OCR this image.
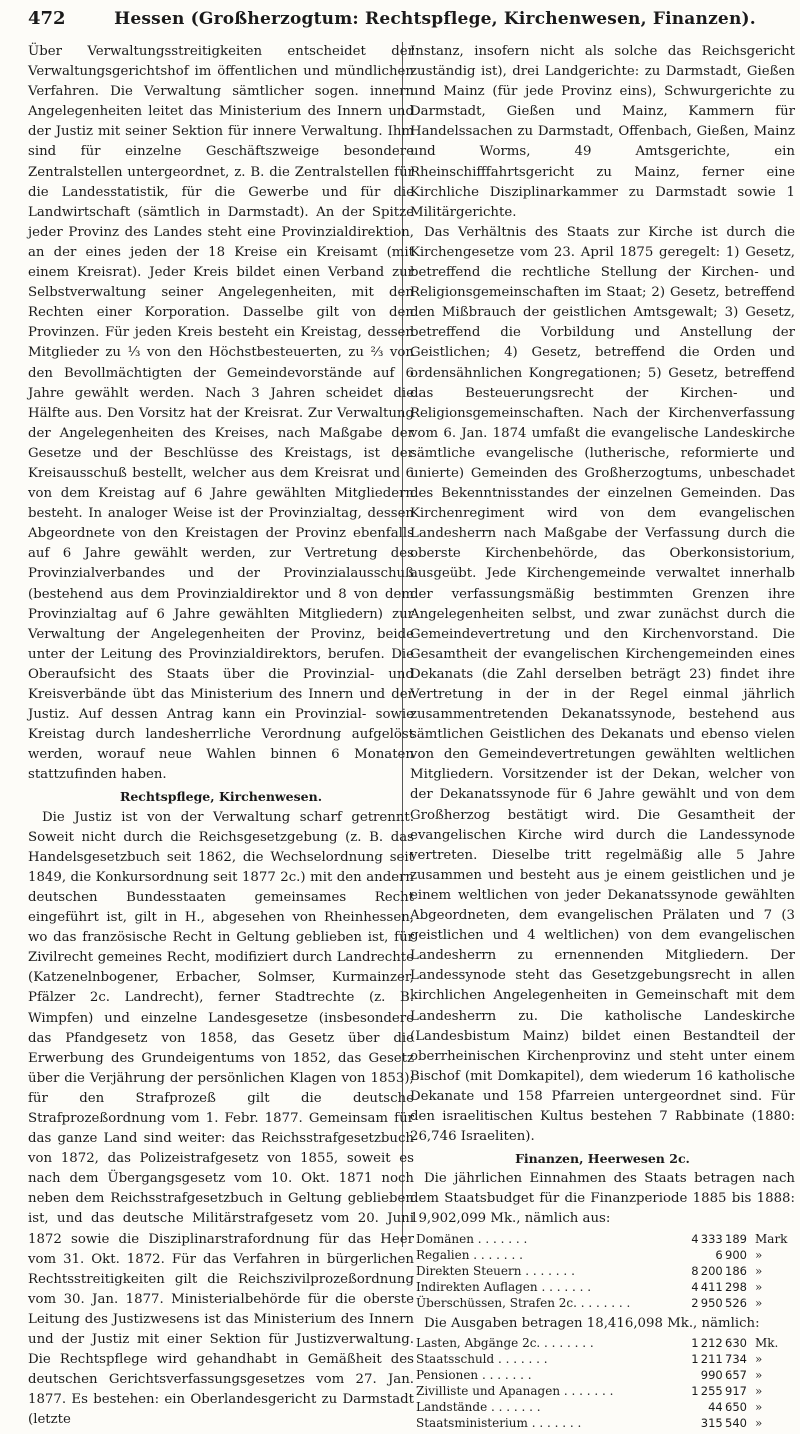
472	Hessen (Großherzogtum: Rechtspflege, Kirchenwesen, Finanzen).

Über Verwaltungsstreitigkeiten entscheidet der Verwaltungsgerichtshof im öffentlichen und mündlichen Verfahren. Die Verwaltung sämtlicher sogen. innern Angelegenheiten leitet das Ministerium des Innern und der Justiz mit seiner Sektion für innere Verwaltung. Ihm sind für einzelne Geschäftszweige besondere Zentralstellen untergeordnet, z. B. die Zentralstellen für die Landesstatistik, für die Gewerbe und für die Landwirtschaft (sämtlich in Darmstadt). An der Spitze jeder Provinz des Landes steht eine Provinzialdirektion, an der eines jeden der 18 Kreise ein Kreisamt (mit einem Kreisrat). Jeder Kreis bildet einen Verband zur Selbstverwaltung seiner Angelegenheiten, mit den Rechten einer Korporation. Dasselbe gilt von den Provinzen. Für jeden Kreis besteht ein Kreistag, dessen Mitglieder zu ⅓ von den Höchstbesteuerten, zu ⅔ von den Bevollmächtigten der Gemeindevorstände auf 6 Jahre gewählt werden. Nach 3 Jahren scheidet die Hälfte aus. Den Vorsitz hat der Kreisrat. Zur Verwaltung der Angelegenheiten des Kreises, nach Maßgabe der Gesetze und der Beschlüsse des Kreistags, ist der Kreisausschuß bestellt, welcher aus dem Kreisrat und 6 von dem Kreistag auf 6 Jahre gewählten Mitgliedern besteht. In analoger Weise ist der Provinzialtag, dessen Abgeordnete von den Kreistagen der Provinz ebenfalls auf 6 Jahre gewählt werden, zur Vertretung des Provinzialverbandes und der Provinzialausschuß (bestehend aus dem Provinzialdirektor und 8 von dem Provinzialtag auf 6 Jahre gewählten Mitgliedern) zur Verwaltung der Angelegenheiten der Provinz, beide unter der Leitung des Provinzialdirektors, berufen. Die Oberaufsicht des Staats über die Provinzial- und Kreisverbände übt das Ministerium des Innern und der Justiz. Auf dessen Antrag kann ein Provinzial- sowie Kreistag durch landesherrliche Verordnung aufgelöst werden, worauf neue Wahlen binnen 6 Monaten stattzufinden haben.

Rechtspflege, Kirchenwesen.

Die Justiz ist von der Verwaltung scharf getrennt. Soweit nicht durch die Reichsgesetzgebung (z. B. das Handelsgesetzbuch seit 1862, die Wechselordnung seit 1849, die Konkursordnung seit 1877 2c.) mit den andern deutschen Bundesstaaten gemeinsames Recht eingeführt ist, gilt in H., abgesehen von Rheinhessen, wo das französische Recht in Geltung geblieben ist, für Zivilrecht gemeines Recht, modifiziert durch Landrechte (Katzenelnbogener, Erbacher, Solmser, Kurmainzer, Pfälzer 2c. Landrecht), ferner Stadtrechte (z. B. Wimpfen) und einzelne Landesgesetze (insbesondere das Pfandgesetz von 1858, das Gesetz über die Erwerbung des Grundeigentums von 1852, das Gesetz über die Verjährung der persönlichen Klagen von 1853); für den Strafprozeß gilt die deutsche Strafprozeßordnung vom 1. Febr. 1877. Gemeinsam für das ganze Land sind weiter: das Reichsstrafgesetzbuch von 1872, das Polizeistrafgesetz von 1855, soweit es nach dem Übergangsgesetz vom 10. Okt. 1871 noch neben dem Reichsstrafgesetzbuch in Geltung geblieben ist, und das deutsche Militärstrafgesetz vom 20. Juni 1872 sowie die Disziplinarstrafordnung für das Heer vom 31. Okt. 1872. Für das Verfahren in bürgerlichen Rechtsstreitigkeiten gilt die Reichszivilprozeßordnung vom 30. Jan. 1877. Ministerialbehörde für die oberste Leitung des Justizwesens ist das Ministerium des Innern und der Justiz mit einer Sektion für Justizverwaltung. Die Rechtspflege wird gehandhabt in Gemäßheit des deutschen Gerichtsverfassungsgesetzes vom 27. Jan. 1877. Es bestehen: ein Oberlandesgericht zu Darmstadt (letzte

Instanz, insofern nicht als solche das Reichsgericht zuständig ist), drei Landgerichte: zu Darmstadt, Gießen und Mainz (für jede Provinz eins), Schwurgerichte zu Darmstadt, Gießen und Mainz, Kammern für Handelssachen zu Darmstadt, Offenbach, Gießen, Mainz und Worms, 49 Amtsgerichte, ein Rheinschifffahrtsgericht zu Mainz, ferner eine Kirchliche Disziplinarkammer zu Darmstadt sowie 1 Militärgerichte.

Das Verhältnis des Staats zur Kirche ist durch die Kirchengesetze vom 23. April 1875 geregelt: 1) Gesetz, betreffend die rechtliche Stellung der Kirchen- und Religionsgemeinschaften im Staat; 2) Gesetz, betreffend den Mißbrauch der geistlichen Amtsgewalt; 3) Gesetz, betreffend die Vorbildung und Anstellung der Geistlichen; 4) Gesetz, betreffend die Orden und ordensähnlichen Kongregationen; 5) Gesetz, betreffend das Besteuerungsrecht der Kirchen- und Religionsgemeinschaften. Nach der Kirchenverfassung vom 6. Jan. 1874 umfaßt die evangelische Landeskirche sämtliche evangelische (lutherische, reformierte und unierte) Gemeinden des Großherzogtums, unbeschadet des Bekenntnisstandes der einzelnen Gemeinden. Das Kirchenregiment wird von dem evangelischen Landesherrn nach Maßgabe der Verfassung durch die oberste Kirchenbehörde, das Oberkonsistorium, ausgeübt. Jede Kirchengemeinde verwaltet innerhalb der verfassungsmäßig bestimmten Grenzen ihre Angelegenheiten selbst, und zwar zunächst durch die Gemeindevertretung und den Kirchenvorstand. Die Gesamtheit der evangelischen Kirchengemeinden eines Dekanats (die Zahl derselben beträgt 23) findet ihre Vertretung in der in der Regel einmal jährlich zusammentretenden Dekanatssynode, bestehend aus sämtlichen Geistlichen des Dekanats und ebenso vielen von den Gemeindevertretungen gewählten weltlichen Mitgliedern. Vorsitzender ist der Dekan, welcher von der Dekanatssynode für 6 Jahre gewählt und von dem Großherzog bestätigt wird. Die Gesamtheit der evangelischen Kirche wird durch die Landessynode vertreten. Dieselbe tritt regelmäßig alle 5 Jahre zusammen und besteht aus je einem geistlichen und je einem weltlichen von jeder Dekanatssynode gewählten Abgeordneten, dem evangelischen Prälaten und 7 (3 geistlichen und 4 weltlichen) von dem evangelischen Landesherrn zu ernennenden Mitgliedern. Der Landessynode steht das Gesetzgebungsrecht in allen kirchlichen Angelegenheiten in Gemeinschaft mit dem Landesherrn zu. Die katholische Landeskirche (Landesbistum Mainz) bildet einen Bestandteil der oberrheinischen Kirchenprovinz und steht unter einem Bischof (mit Domkapitel), dem wiederum 16 katholische Dekanate und 158 Pfarreien untergeordnet sind. Für den israelitischen Kultus bestehen 7 Rabbinate (1880: 26,746 Israeliten).

Finanzen, Heerwesen 2c.

Die jährlichen Einnahmen des Staats betragen nach dem Staatsbudget für die Finanzperiode 1885 bis 1888: 19,902,099 Mk., nämlich aus:

Domänen . . . . . . .	4 333 189	Mark
Regalien . . . . . . .	6 900	»
Direkten Steuern . . . . . . .	8 200 186	»
Indirekten Auflagen . . . . . . .	4 411 298	»
Überschüssen, Strafen 2c. . . . . . . .	2 950 526	»

Die Ausgaben betragen 18,416,098 Mk., nämlich:

Lasten, Abgänge 2c. . . . . . . .	1 212 630	Mk.
Staatsschuld . . . . . . .	1 211 734	»
Pensionen . . . . . . .	990 657	»
Zivilliste und Apanagen . . . . . . .	1 255 917	»
Landstände . . . . . . .	44 650	»
Staatsministerium . . . . . . .	315 540	»
